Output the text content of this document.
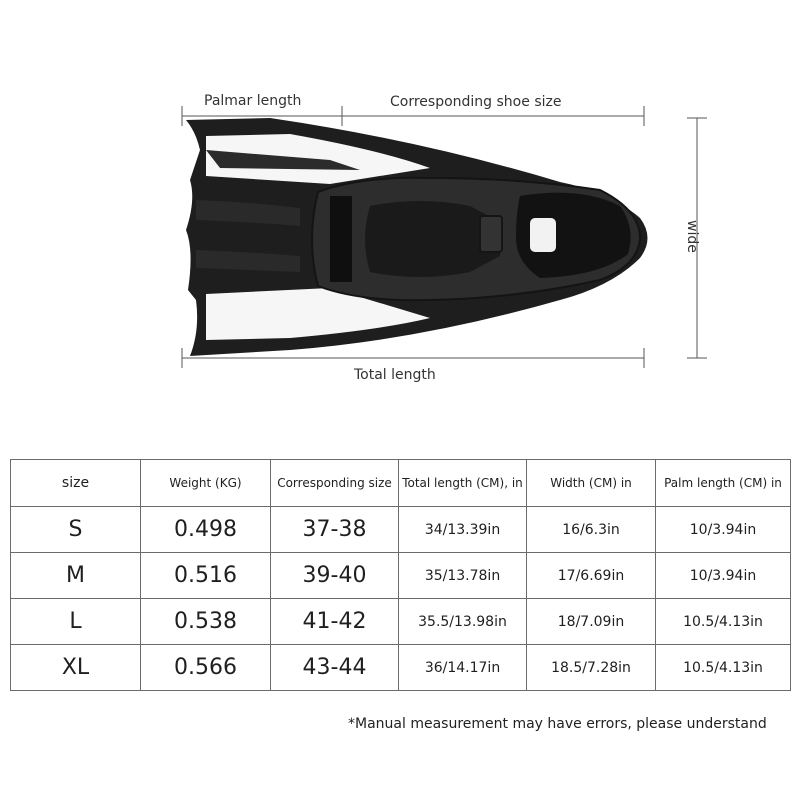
Palmar length	Corresponding shoe size
Total length
wide
size	Weight (KG)	Corresponding size	Total length (CM), in	Width (CM) in	Palm length (CM) in
S	0.498	37-38	34/13.39in	16/6.3in	10/3.94in
M	0.516	39-40	35/13.78in	17/6.69in	10/3.94in
L	0.538	41-42	35.5/13.98in	18/7.09in	10.5/4.13in
XL	0.566	43-44	36/14.17in	18.5/7.28in	10.5/4.13in
*Manual measurement may have errors, please understand
